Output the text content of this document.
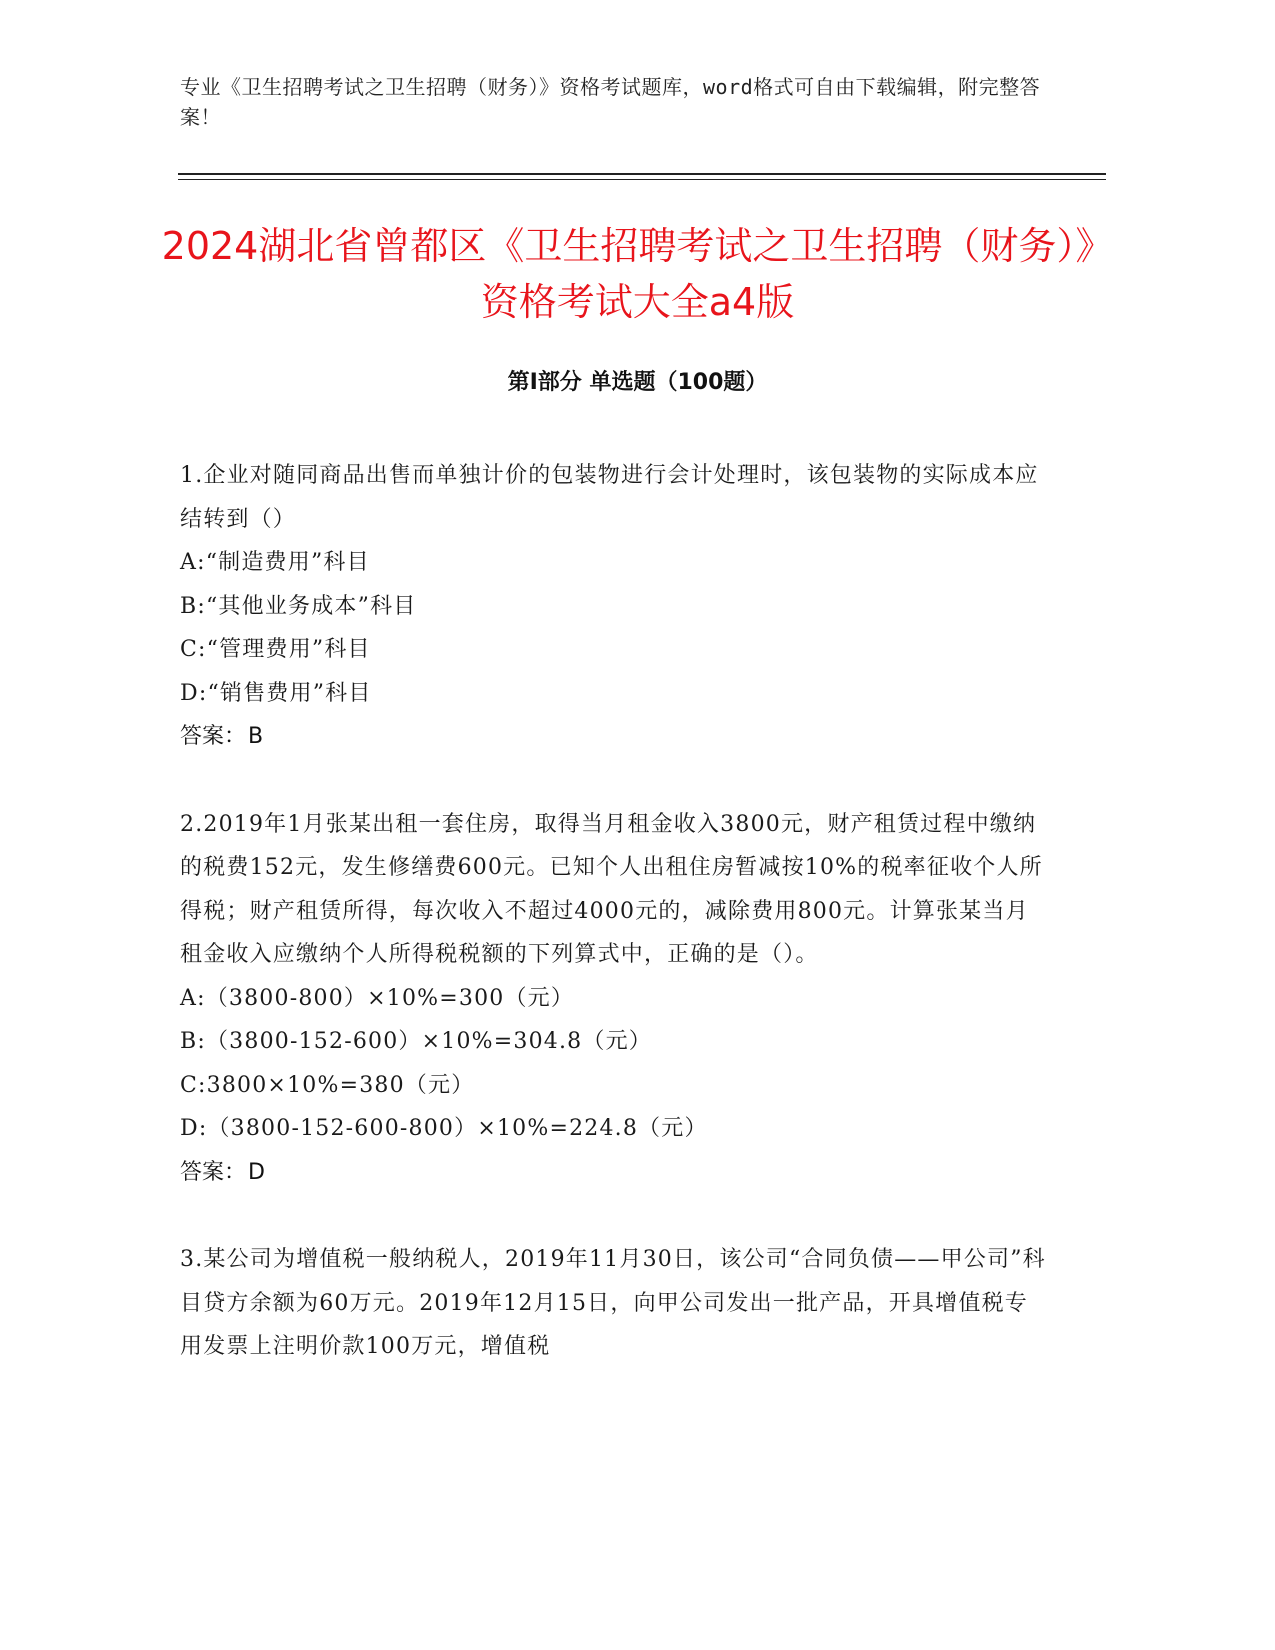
专业《卫生招聘考试之卫生招聘（财务）》资格考试题库，word格式可自由下载编辑，附完整答案！
2024湖北省曾都区《卫生招聘考试之卫生招聘（财务）》资格考试大全a4版
第Ⅰ部分 单选题（100题）
1.企业对随同商品出售而单独计价的包装物进行会计处理时，该包装物的实际成本应结转到（）
A:“制造费用”科目
B:“其他业务成本”科目
C:“管理费用”科目
D:“销售费用”科目
答案：B
2.2019年1月张某出租一套住房，取得当月租金收入3800元，财产租赁过程中缴纳的税费152元，发生修缮费600元。已知个人出租住房暂减按10%的税率征收个人所得税；财产租赁所得，每次收入不超过4000元的，减除费用800元。计算张某当月租金收入应缴纳个人所得税税额的下列算式中，正确的是（）。
A:（3800-800）×10%=300（元）
B:（3800-152-600）×10%=304.8（元）
C:3800×10%=380（元）
D:（3800-152-600-800）×10%=224.8（元）
答案：D
3.某公司为增值税一般纳税人，2019年11月30日，该公司“合同负债——甲公司”科目贷方余额为60万元。2019年12月15日，向甲公司发出一批产品，开具增值税专用发票上注明价款100万元，增值税
